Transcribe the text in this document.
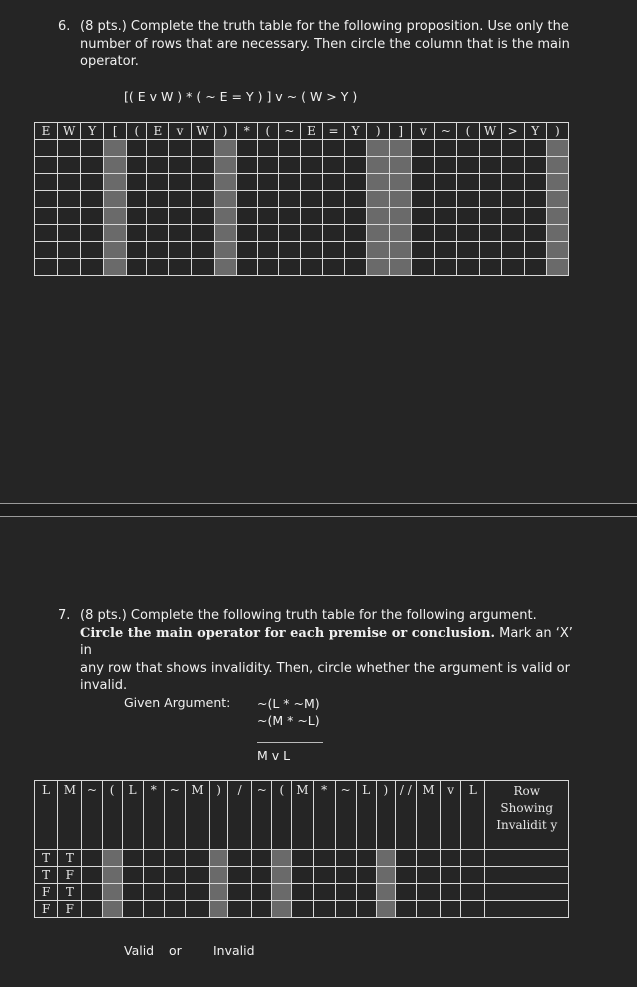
6. (8 pts.) Complete the truth table for the following proposition. Use only the
number of rows that are necessary. Then circle the column that is the main
operator.
[( E v W ) * ( ~ E = Y ) ] v ~ ( W > Y )
E	W	Y	[	(	E	v	W	)	*	(	~	E	=	Y	)	]	v	~	(	W	>	Y	)

7. (8 pts.) Complete the following truth table for the following argument.
Circle the main operator for each premise or conclusion. Mark an ‘X’ in
any row that shows invalidity. Then, circle whether the argument is valid or
invalid.
Given Argument: ~(L * ~M)
~(M * ~L)
M v L
L	M	~	(	L	*	~	M	)	/	~	(	M	*	~	L	)	/ /	M	v	L	Row Showing Invalidit y
T	T																				
T	F																				
F	T																				
F	F																				
Valid or Invalid
